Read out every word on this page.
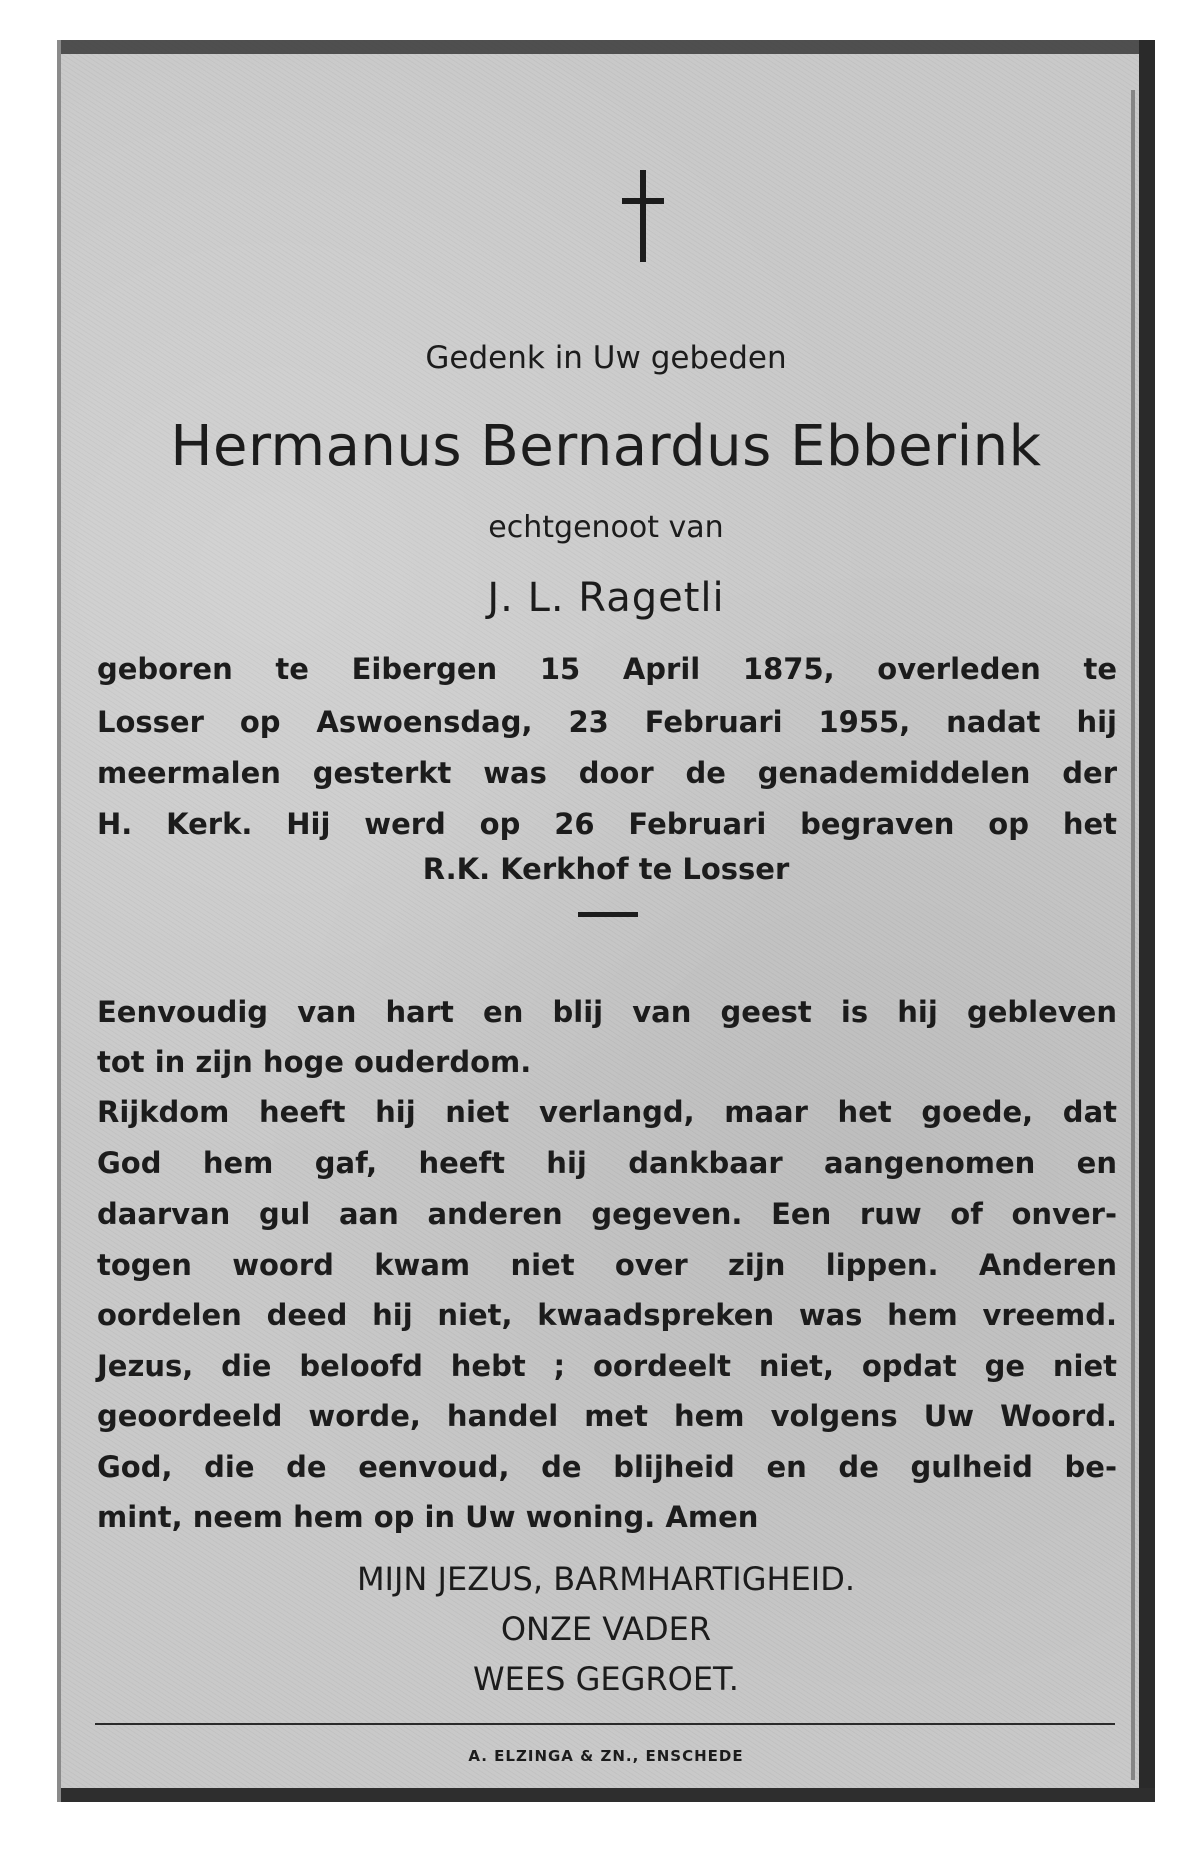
Gedenk in Uw gebeden

Hermanus Bernardus Ebberink

echtgenoot van

J. L. Ragetli

geboren te Eibergen 15 April 1875, overleden te

Losser op Aswoensdag, 23 Februari 1955, nadat hij

meermalen gesterkt was door de genademiddelen der

H. Kerk. Hij werd op 26 Februari begraven op het

R.K. Kerkhof te Losser

Eenvoudig van hart en blij van geest is hij gebleven

tot in zijn hoge ouderdom.

Rijkdom heeft hij niet verlangd, maar het goede, dat

God hem gaf, heeft hij dankbaar aangenomen en

daarvan gul aan anderen gegeven. Een ruw of onver-

togen woord kwam niet over zijn lippen. Anderen

oordelen deed hij niet, kwaadspreken was hem vreemd.

Jezus, die beloofd hebt ; oordeelt niet, opdat ge niet

geoordeeld worde, handel met hem volgens Uw Woord.

God, die de eenvoud, de blijheid en de gulheid be-

mint, neem hem op in Uw woning. Amen

MIJN JEZUS, BARMHARTIGHEID.

ONZE VADER

WEES GEGROET.

A. ELZINGA & ZN., ENSCHEDE
